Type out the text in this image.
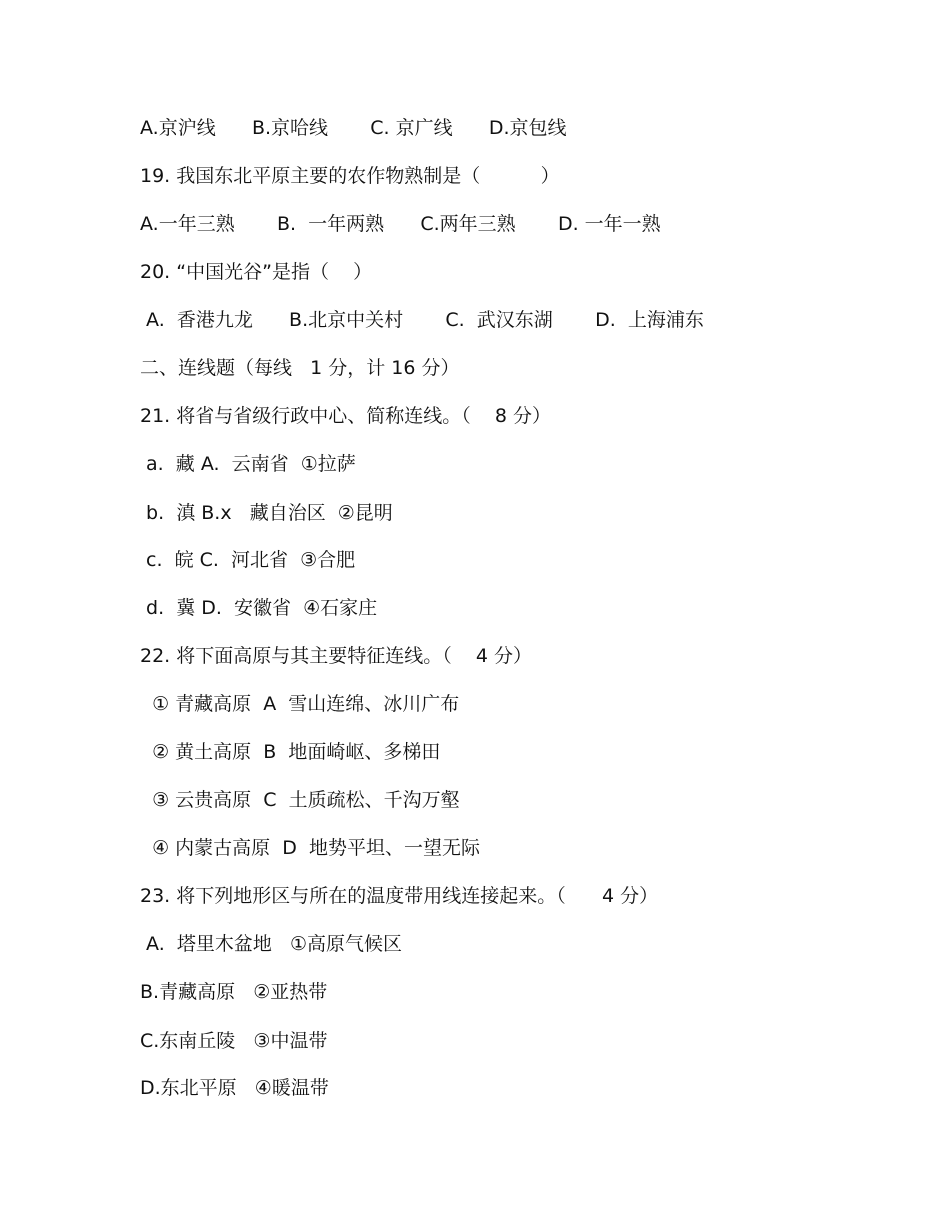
A.京沪线      B.京哈线       C. 京广线      D.京包线
19. 我国东北平原主要的农作物熟制是（          ）
A.一年三熟       B.  一年两熟      C.两年三熟       D. 一年一熟
20. “中国光谷”是指（    ）
A.  香港九龙      B.北京中关村       C.  武汉东湖       D.  上海浦东
二、连线题（每线   1 分，计 16 分）
21. 将省与省级行政中心、简称连线。（    8 分）
a.  藏 A.  云南省  ①拉萨
b.  滇 B.x   藏自治区  ②昆明
c.  皖 C.  河北省  ③合肥
d.  冀 D.  安徽省  ④石家庄
22. 将下面高原与其主要特征连线。（    4 分）
① 青藏高原  A  雪山连绵、冰川广布
② 黄土高原  B  地面崎岖、多梯田
③ 云贵高原  C  土质疏松、千沟万壑
④ 内蒙古高原  D  地势平坦、一望无际
23. 将下列地形区与所在的温度带用线连接起来。（      4 分）
A.  塔里木盆地   ①高原气候区
B.青藏高原   ②亚热带
C.东南丘陵   ③中温带
D.东北平原   ④暖温带
